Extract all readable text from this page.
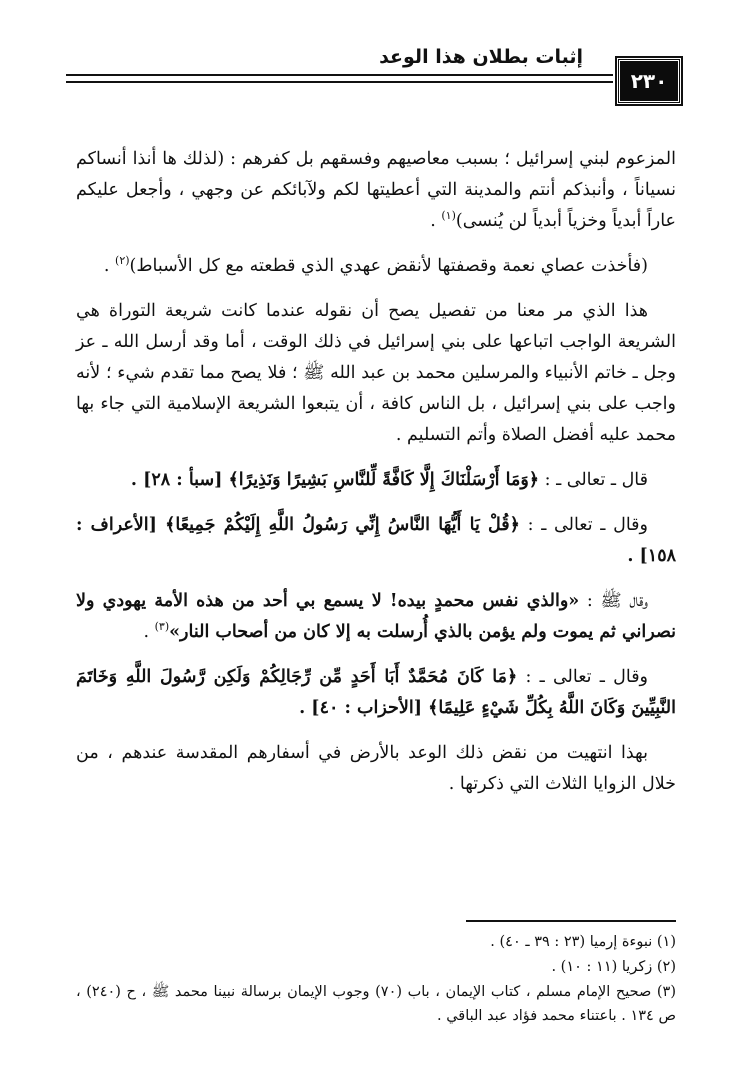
إثبات بطلان هذا الوعد
٢٣٠

المزعوم لبني إسرائيل ؛ بسبب معاصيهم وفسقهم بل كفرهم : (لذلك ها أنذا أنساكم نسياناً ، وأنبذكم أنتم والمدينة التي أعطيتها لكم ولآبائكم عن وجهي ، وأجعل عليكم عاراً أبدياً وخزياً أبدياً لن يُنسى)$^{(١)}$ .

(فأخذت عصاي نعمة وقصفتها لأنقض عهدي الذي قطعته مع كل الأسباط)$^{(٢)}$ .

هذا الذي مر معنا من تفصيل يصح أن نقوله عندما كانت شريعة التوراة هي الشريعة الواجب اتباعها على بني إسرائيل في ذلك الوقت ، أما وقد أرسل الله ـ عز وجل ـ خاتم الأنبياء والمرسلين محمد بن عبد الله ﷺ ؛ فلا يصح مما تقدم شيء ؛ لأنه واجب على بني إسرائيل ، بل الناس كافة ، أن يتبعوا الشريعة الإسلامية التي جاء بها محمد عليه أفضل الصلاة وأتم التسليم .

قال ـ تعالى ـ : ﴿وَمَا أَرْسَلْنَاكَ إِلَّا كَافَّةً لِّلنَّاسِ بَشِيرًا وَنَذِيرًا﴾ [سبأ : ٢٨] .

وقال ـ تعالى ـ : ﴿قُلْ يَا أَيُّهَا النَّاسُ إِنِّي رَسُولُ اللَّهِ إِلَيْكُمْ جَمِيعًا﴾ [الأعراف : ١٥٨] .

وقال ﷺ : «والذي نفس محمدٍ بيده! لا يسمع بي أحد من هذه الأمة يهودي ولا نصراني ثم يموت ولم يؤمن بالذي أُرسلت به إلا كان من أصحاب النار»$^{(٣)}$ .

وقال ـ تعالى ـ : ﴿مَا كَانَ مُحَمَّدٌ أَبَا أَحَدٍ مِّن رِّجَالِكُمْ وَلَكِن رَّسُولَ اللَّهِ وَخَاتَمَ النَّبِيِّينَ وَكَانَ اللَّهُ بِكُلِّ شَيْءٍ عَلِيمًا﴾ [الأحزاب : ٤٠] .

بهذا انتهيت من نقض ذلك الوعد بالأرض في أسفارهم المقدسة عندهم ، من خلال الزوايا الثلاث التي ذكرتها .

(١) نبوءة إرميا (٢٣ : ٣٩ ـ ٤٠) .
(٢) زكريا (١١ : ١٠) .
(٣) صحيح الإمام مسلم ، كتاب الإيمان ، باب (٧٠) وجوب الإيمان برسالة نبينا محمد ﷺ ، ح (٢٤٠) ، ص ١٣٤ . باعتناء محمد فؤاد عبد الباقي .
